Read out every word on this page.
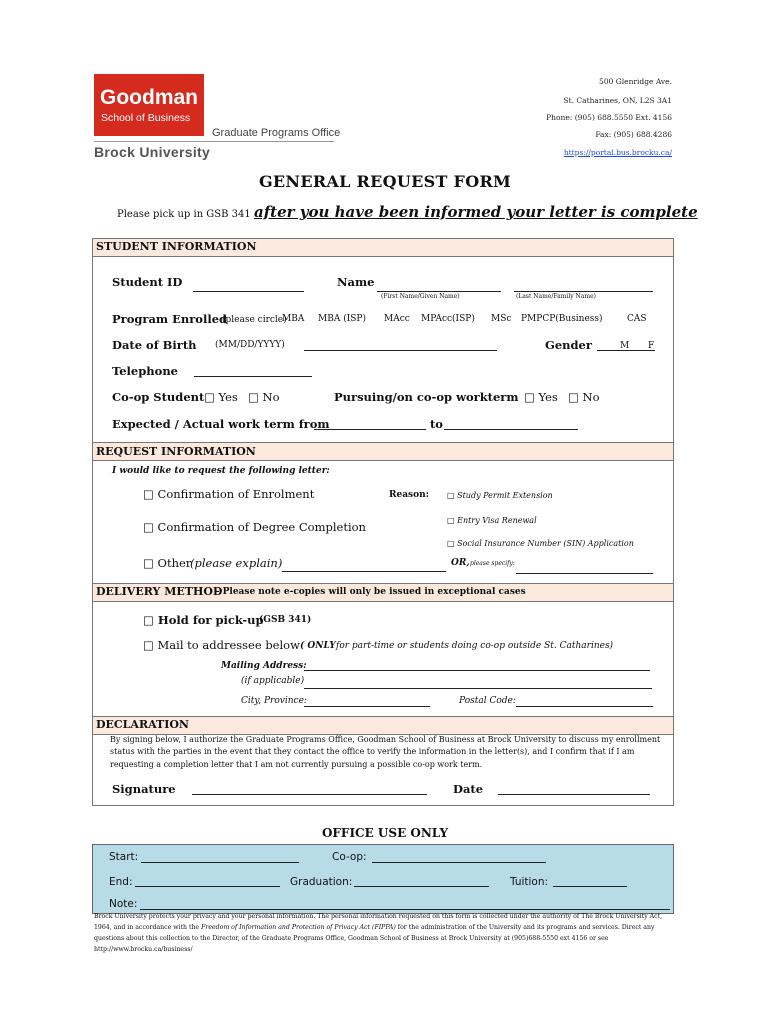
Goodman
School of Business
Graduate Programs Office
Brock University
500 Glenridge Ave.
St. Catharines, ON, L2S 3A1
Phone: (905) 688.5550 Ext. 4156
Fax: (905) 688.4286
https://portal.bus.brocku.ca/
GENERAL REQUEST FORM
Please pick up in GSB 341 after you have been informed your letter is complete
STUDENT INFORMATION
Student ID	Name
(First Name/Given Name)	(Last Name/Family Name)
Program Enrolled
(please circle)
MBA MBA (ISP) MAcc MPAcc(ISP) MSc PMPCP(Business)	CAS
Date of Birth (MM/DD/YYYY)	Gender	M F
Telephone
Co-op Student □ Yes □ No	Pursuing/on co-op workterm □ Yes □ No
Expected / Actual work term from	to
REQUEST INFORMATION
I would like to request the following letter:
□ Confirmation of Enrolment	Reason: □ Study Permit Extension
□ Entry Visa Renewal
□ Confirmation of Degree Completion
□ Social Insurance Number (SIN) Application
□ Other
(please explain)	OR, please specify:
DELIVERY METHOD
– Please note e-copies will only be issued in exceptional cases
□ Hold for pick-up
(GSB 341)
□ Mail to addressee below ( ONLY for part-time or students doing co-op outside St. Catharines)
Mailing Address:
(if applicable)
City, Province:	Postal Code:
DECLARATION
By signing below, I authorize the Graduate Programs Office, Goodman School of Business at Brock University to discuss my enrollment
status with the parties in the event that they contact the office to verify the information in the letter(s), and I confirm that if I am
requesting a completion letter that I am not currently pursuing a possible co-op work term.
Signature	Date
OFFICE USE ONLY
Start:	Co-op:
End:	Graduation:	Tuition:
Note:
Brock University protects your privacy and your personal information. The personal information requested on this form is collected under the authority of The Brock University Act,
1964, and in accordance with the Freedom of Information and Protection of Privacy Act (FIPPA) for the administration of the University and its programs and services. Direct any
questions about this collection to the Director, of the Graduate Programs Office, Goodman School of Business at Brock University at (905)688-5550 ext 4156 or see
http://www.brocku.ca/business/
